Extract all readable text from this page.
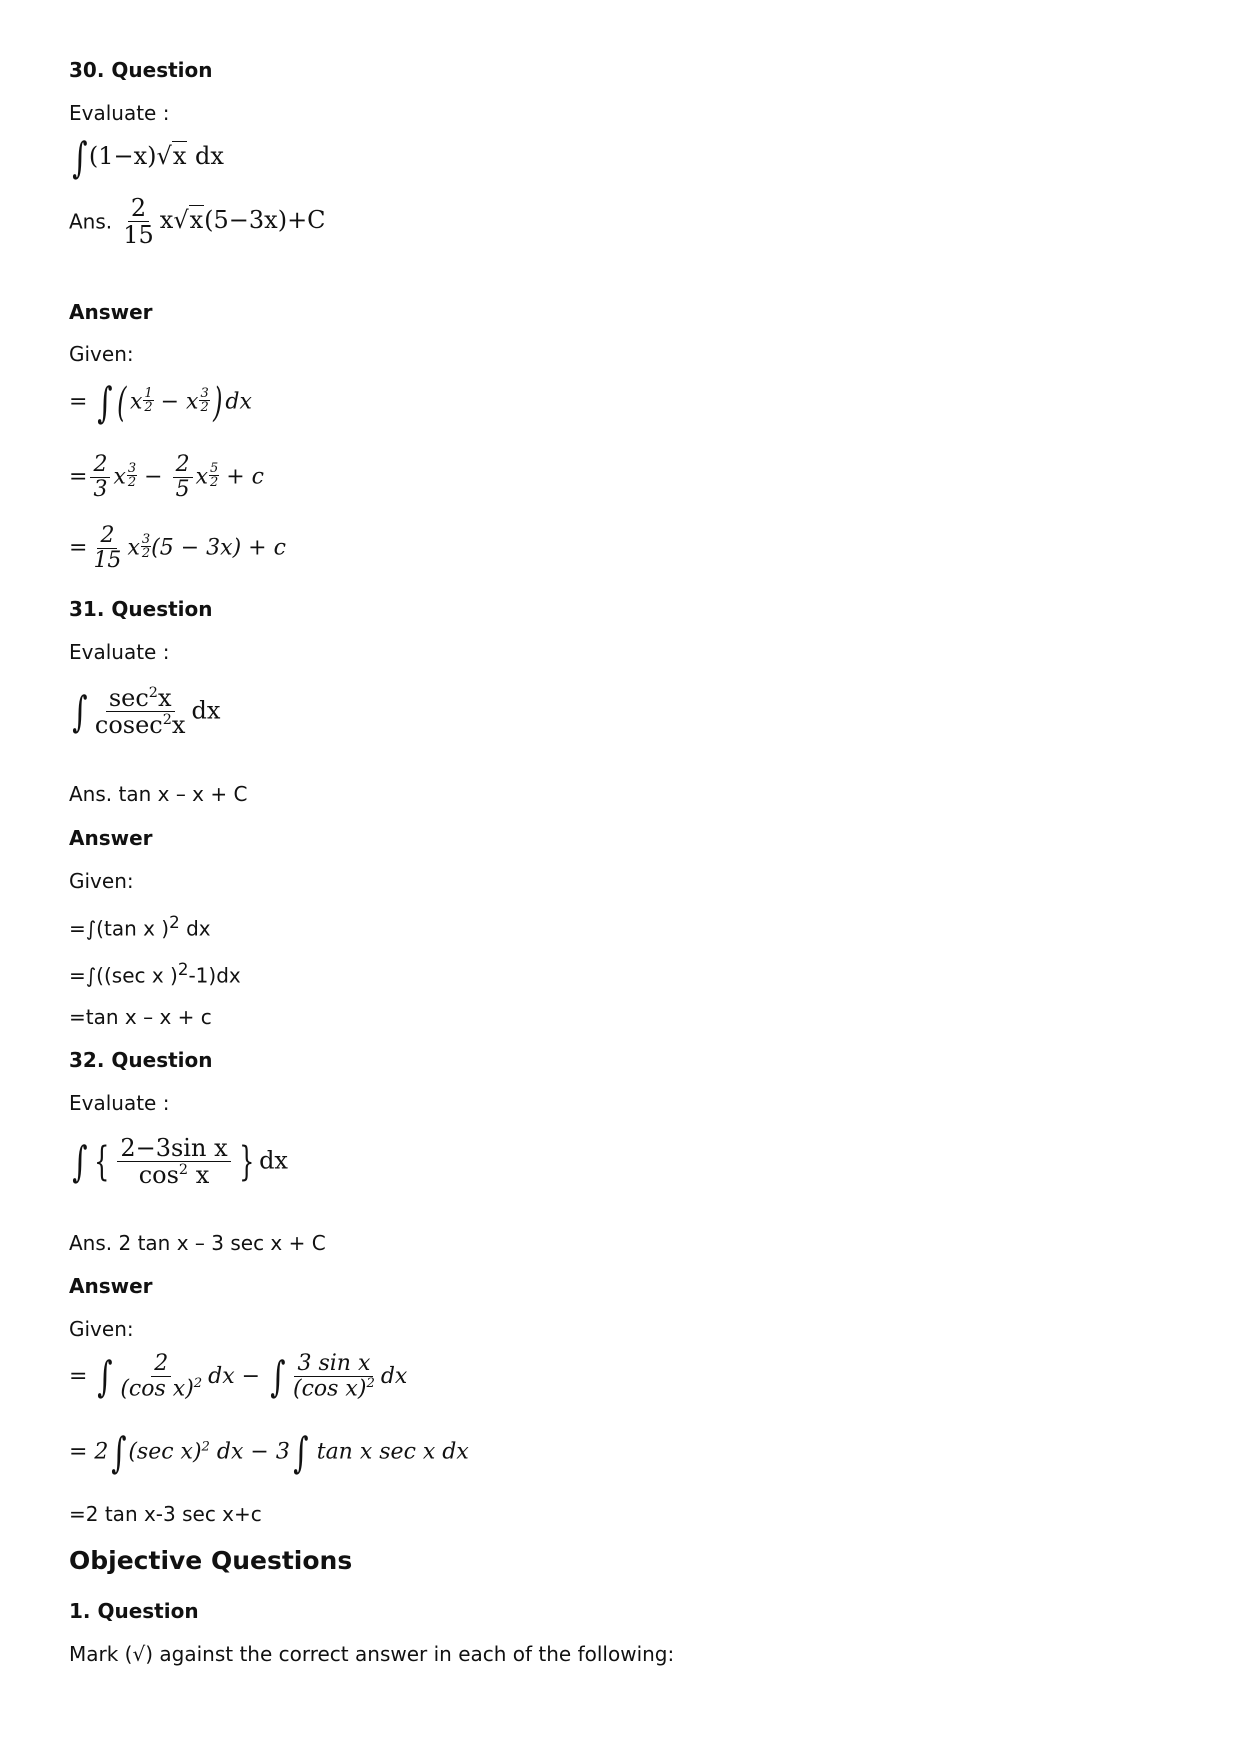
30. Question
Evaluate :
∫(1−x)√x dx
Ans. $\frac{2}{15} x√x(5-3x)+C$
Answer
Given:
= ∫ ( x $\frac{1}{2} - x \frac{3}{2}$ ) dx
= $\frac{2}{3}$ x $\frac{3}{2} - \frac{2}{5}$ x $\frac{5}{2} + c$
= $\frac{2}{15}$ x $\frac{3}{2} (5 - 3x) + c$
31. Question
Evaluate :
∫ $\sec^2x$
cosec$^2$x
dx
Ans. tan x – x + C
Answer
Given:
=∫(tan x )$^2$ dx
=∫((sec x )$^2$-1)dx
=tan x – x + c
32. Question
Evaluate :
∫ { $\frac{\text{2−3sin x}}{\cos^2 x}$ } dx
Ans. 2 tan x – 3 sec x + C
Answer
Given:
= ∫ $\frac{2}{(\cos x)^2}$ dx − ∫ $\frac{\text{3 sin x}}{(\cos x)^2}$ dx
= 2∫(sec x)$^2$ dx − 3∫ tan x sec x dx
=2 tan x-3 sec x+c
Objective Questions
1. Question
Mark (√) against the correct answer in each of the following:
